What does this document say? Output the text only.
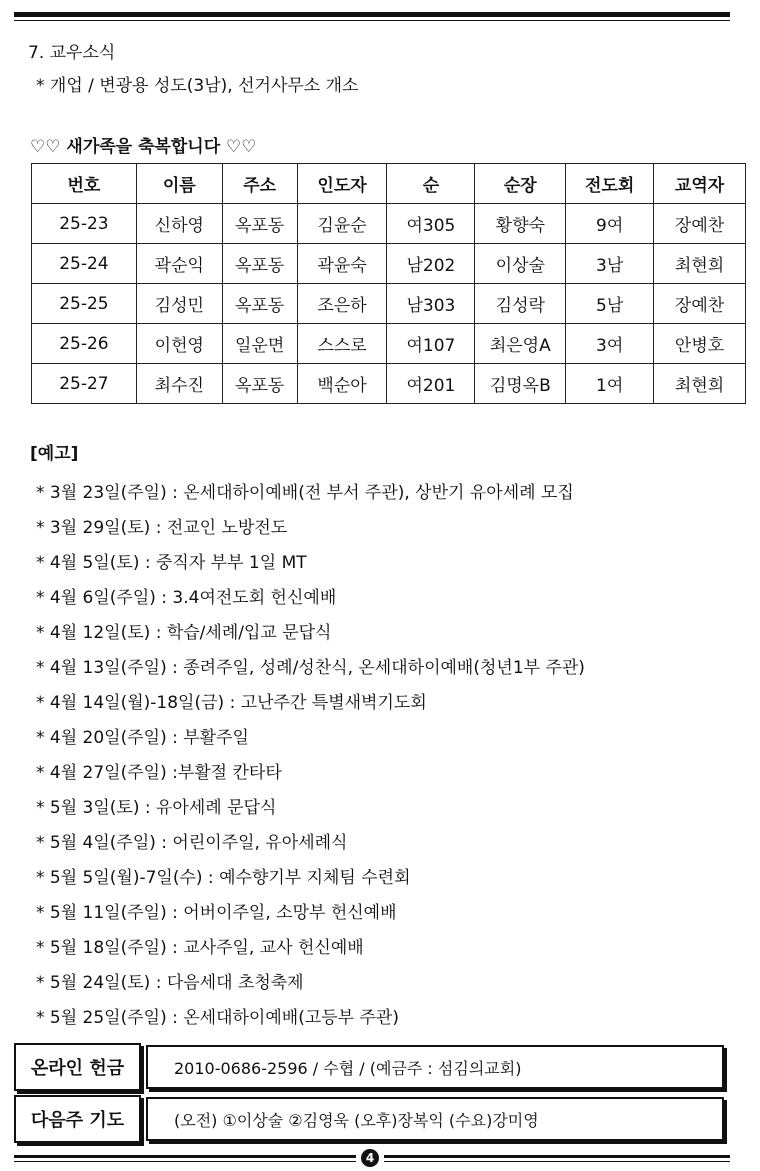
7. 교우소식
* 개업 / 변광용 성도(3남), 선거사무소 개소
♡♡ 새가족을 축복합니다 ♡♡
번호	이름	주소	인도자	순	순장	전도회	교역자
25-23	신하영	옥포동	김윤순	여305	황향숙	9여	장예찬
25-24	곽순익	옥포동	곽윤숙	남202	이상술	3남	최현희
25-25	김성민	옥포동	조은하	남303	김성락	5남	장예찬
25-26	이헌영	일운면	스스로	여107	최은영A	3여	안병호
25-27	최수진	옥포동	백순아	여201	김명옥B	1여	최현희
[예고]
* 3월 23일(주일) : 온세대하이예배(전 부서 주관), 상반기 유아세례 모집
* 3월 29일(토) : 전교인 노방전도
* 4월 5일(토) : 중직자 부부 1일 MT
* 4월 6일(주일) : 3.4여전도회 헌신예배
* 4월 12일(토) : 학습/세례/입교 문답식
* 4월 13일(주일) : 종려주일, 성례/성찬식, 온세대하이예배(청년1부 주관)
* 4월 14일(월)-18일(금) : 고난주간 특별새벽기도회
* 4월 20일(주일) : 부활주일
* 4월 27일(주일) :부활절 칸타타
* 5월 3일(토) : 유아세례 문답식
* 5월 4일(주일) : 어린이주일, 유아세례식
* 5월 5일(월)-7일(수) : 예수향기부 지체팀 수련회
* 5월 11일(주일) : 어버이주일, 소망부 헌신예배
* 5월 18일(주일) : 교사주일, 교사 헌신예배
* 5월 24일(토) : 다음세대 초청축제
* 5월 25일(주일) : 온세대하이예배(고등부 주관)
온라인 헌금	2010-0686-2596 / 수협 / (예금주 : 섬김의교회)
다음주 기도	(오전) ①이상술 ②김영욱 (오후)장복익 (수요)강미영
4
